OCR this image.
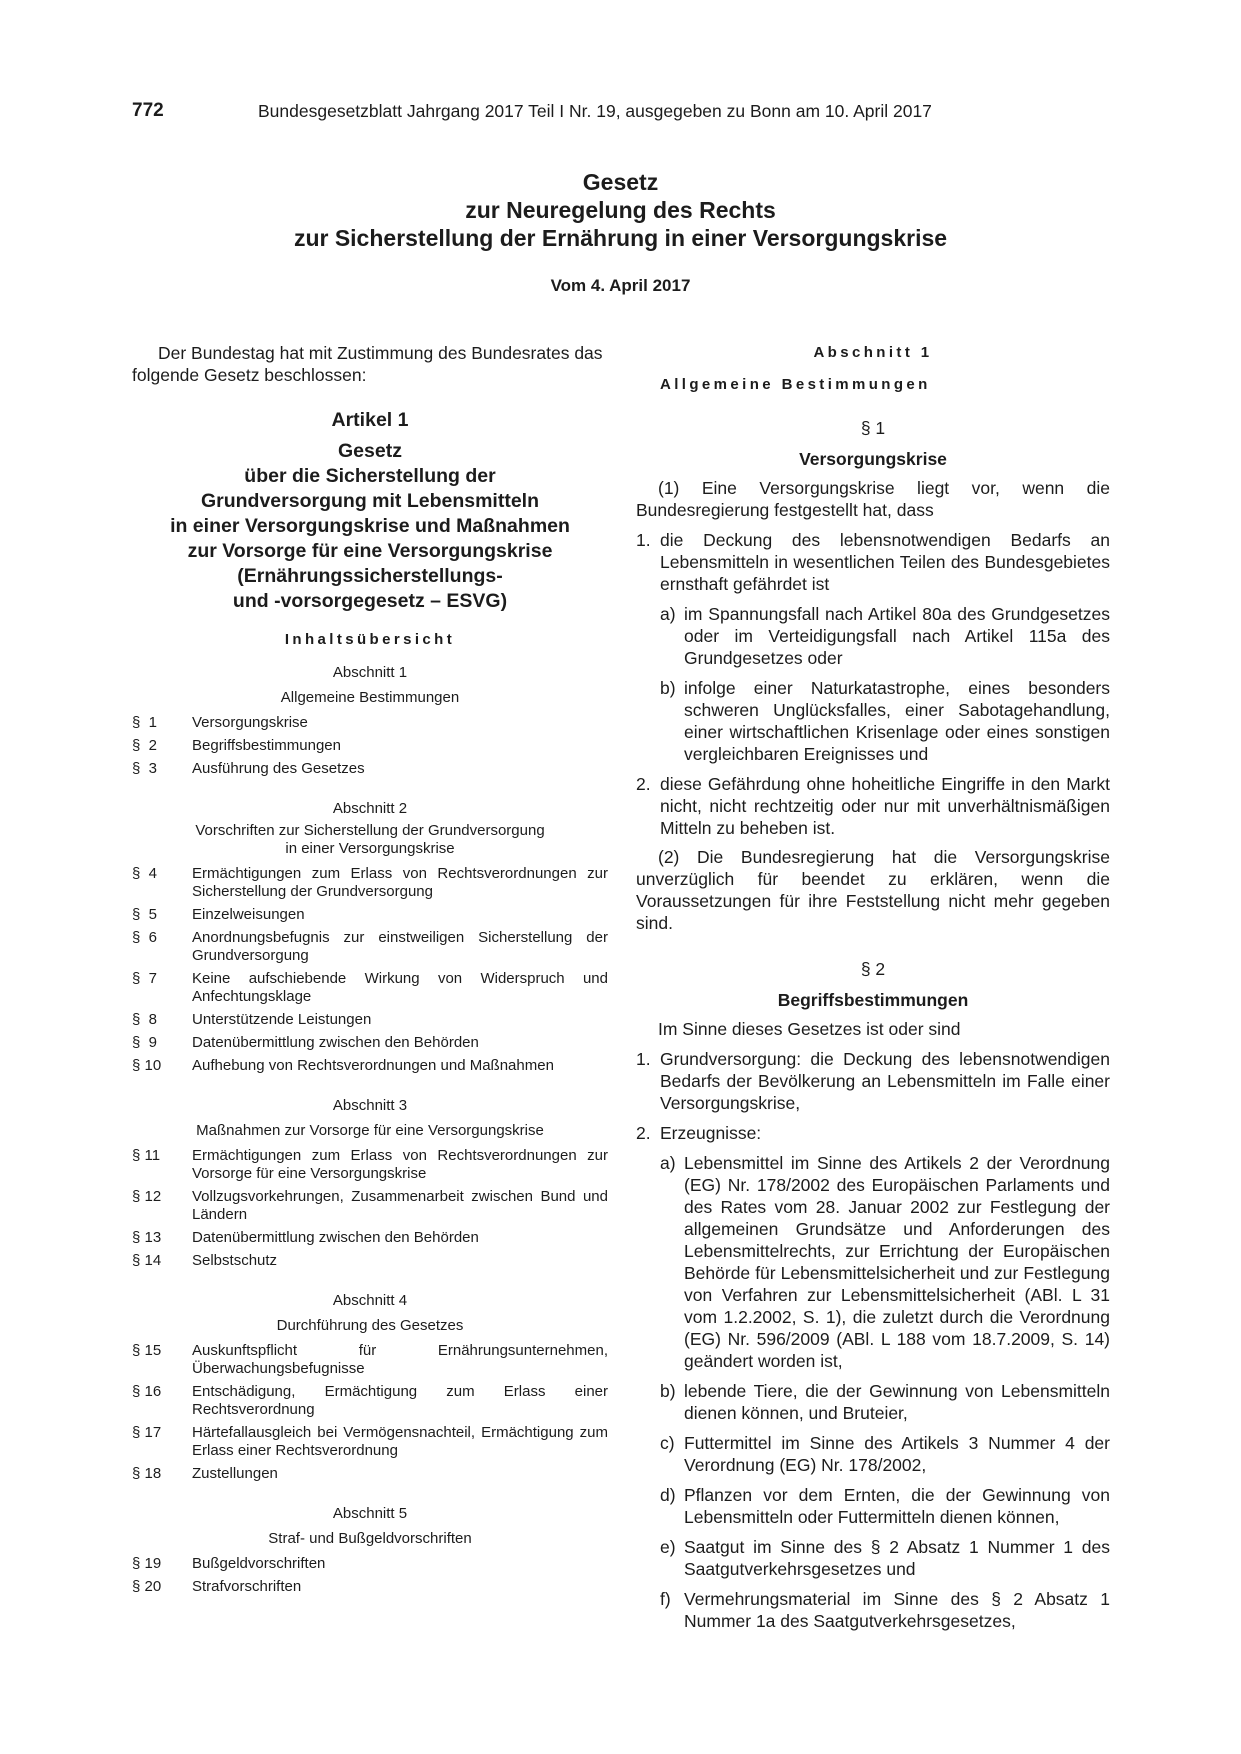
772	Bundesgesetzblatt Jahrgang 2017 Teil I Nr. 19, ausgegeben zu Bonn am 10. April 2017
Gesetz
zur Neuregelung des Rechts
zur Sicherstellung der Ernährung in einer Versorgungskrise
Vom 4. April 2017

Der Bundestag hat mit Zustimmung des Bundesrates das folgende Gesetz beschlossen:

Artikel 1

Gesetz
über die Sicherstellung der
Grundversorgung mit Lebensmitteln
in einer Versorgungskrise und Maßnahmen
zur Vorsorge für eine Versorgungskrise
(Ernährungssicherstellungs-
und -vorsorgegesetz – ESVG)
Inhaltsübersicht
Abschnitt 1
Allgemeine Bestimmungen
§  1	Versorgungskrise
§  2	Begriffsbestimmungen
§  3	Ausführung des Gesetzes
Abschnitt 2
Vorschriften zur Sicherstellung der Grundversorgung in einer Versorgungskrise
§  4	Ermächtigungen zum Erlass von Rechtsverordnungen zur Sicherstellung der Grundversorgung
§  5	Einzelweisungen
§  6	Anordnungsbefugnis zur einstweiligen Sicherstellung der Grundversorgung
§  7	Keine aufschiebende Wirkung von Widerspruch und Anfechtungsklage
§  8	Unterstützende Leistungen
§  9	Datenübermittlung zwischen den Behörden
§ 10	Aufhebung von Rechtsverordnungen und Maßnahmen
Abschnitt 3
Maßnahmen zur Vorsorge für eine Versorgungskrise
§ 11	Ermächtigungen zum Erlass von Rechtsverordnungen zur Vorsorge für eine Versorgungskrise
§ 12	Vollzugsvorkehrungen, Zusammenarbeit zwischen Bund und Ländern
§ 13	Datenübermittlung zwischen den Behörden
§ 14	Selbstschutz
Abschnitt 4
Durchführung des Gesetzes
§ 15	Auskunftspflicht für Ernährungsunternehmen, Überwachungsbefugnisse
§ 16	Entschädigung, Ermächtigung zum Erlass einer Rechtsverordnung
§ 17	Härtefallausgleich bei Vermögensnachteil, Ermächtigung zum Erlass einer Rechtsverordnung
§ 18	Zustellungen
Abschnitt 5
Straf- und Bußgeldvorschriften
§ 19	Bußgeldvorschriften
§ 20	Strafvorschriften
Abschnitt 1
Allgemeine Bestimmungen
§ 1
Versorgungskrise

(1) Eine Versorgungskrise liegt vor, wenn die Bundesregierung festgestellt hat, dass

1. die Deckung des lebensnotwendigen Bedarfs an Lebensmitteln in wesentlichen Teilen des Bundesgebietes ernsthaft gefährdet ist
a) im Spannungsfall nach Artikel 80a des Grundgesetzes oder im Verteidigungsfall nach Artikel 115a des Grundgesetzes oder
b) infolge einer Naturkatastrophe, eines besonders schweren Unglücksfalles, einer Sabotagehandlung, einer wirtschaftlichen Krisenlage oder eines sonstigen vergleichbaren Ereignisses und
2. diese Gefährdung ohne hoheitliche Eingriffe in den Markt nicht, nicht rechtzeitig oder nur mit unverhältnismäßigen Mitteln zu beheben ist.

(2) Die Bundesregierung hat die Versorgungskrise unverzüglich für beendet zu erklären, wenn die Voraussetzungen für ihre Feststellung nicht mehr gegeben sind.

§ 2
Begriffsbestimmungen

Im Sinne dieses Gesetzes ist oder sind

1. Grundversorgung: die Deckung des lebensnotwendigen Bedarfs der Bevölkerung an Lebensmitteln im Falle einer Versorgungskrise,
2. Erzeugnisse:
a) Lebensmittel im Sinne des Artikels 2 der Verordnung (EG) Nr. 178/2002 des Europäischen Parlaments und des Rates vom 28. Januar 2002 zur Festlegung der allgemeinen Grundsätze und Anforderungen des Lebensmittelrechts, zur Errichtung der Europäischen Behörde für Lebensmittelsicherheit und zur Festlegung von Verfahren zur Lebensmittelsicherheit (ABl. L 31 vom 1.2.2002, S. 1), die zuletzt durch die Verordnung (EG) Nr. 596/2009 (ABl. L 188 vom 18.7.2009, S. 14) geändert worden ist,
b) lebende Tiere, die der Gewinnung von Lebensmitteln dienen können, und Bruteier,
c) Futtermittel im Sinne des Artikels 3 Nummer 4 der Verordnung (EG) Nr. 178/2002,
d) Pflanzen vor dem Ernten, die der Gewinnung von Lebensmitteln oder Futtermitteln dienen können,
e) Saatgut im Sinne des § 2 Absatz 1 Nummer 1 des Saatgutverkehrsgesetzes und
f) Vermehrungsmaterial im Sinne des § 2 Absatz 1 Nummer 1a des Saatgutverkehrsgesetzes,
